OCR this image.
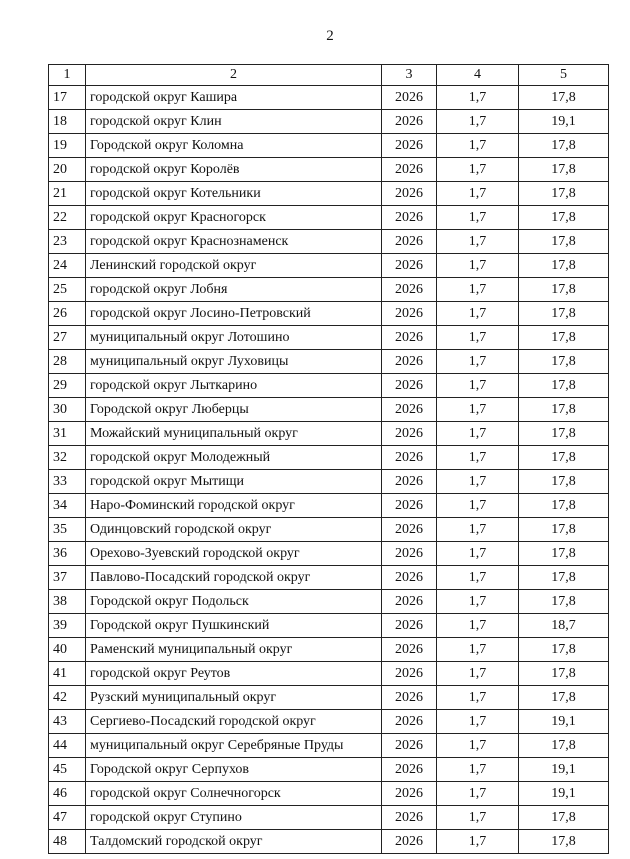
2
1	2	3	4	5
17	городской округ Кашира	2026	1,7	17,8
18	городской округ Клин	2026	1,7	19,1
19	Городской округ Коломна	2026	1,7	17,8
20	городской округ Королёв	2026	1,7	17,8
21	городской округ Котельники	2026	1,7	17,8
22	городской округ Красногорск	2026	1,7	17,8
23	городской округ Краснознаменск	2026	1,7	17,8
24	Ленинский городской округ	2026	1,7	17,8
25	городской округ Лобня	2026	1,7	17,8
26	городской округ Лосино-Петровский	2026	1,7	17,8
27	муниципальный округ Лотошино	2026	1,7	17,8
28	муниципальный округ Луховицы	2026	1,7	17,8
29	городской округ Лыткарино	2026	1,7	17,8
30	Городской округ Люберцы	2026	1,7	17,8
31	Можайский муниципальный округ	2026	1,7	17,8
32	городской округ Молодежный	2026	1,7	17,8
33	городской округ Мытищи	2026	1,7	17,8
34	Наро-Фоминский городской округ	2026	1,7	17,8
35	Одинцовский городской округ	2026	1,7	17,8
36	Орехово-Зуевский городской округ	2026	1,7	17,8
37	Павлово-Посадский городской округ	2026	1,7	17,8
38	Городской округ Подольск	2026	1,7	17,8
39	Городской округ Пушкинский	2026	1,7	18,7
40	Раменский муниципальный округ	2026	1,7	17,8
41	городской округ Реутов	2026	1,7	17,8
42	Рузский муниципальный округ	2026	1,7	17,8
43	Сергиево-Посадский городской округ	2026	1,7	19,1
44	муниципальный округ Серебряные Пруды	2026	1,7	17,8
45	Городской округ Серпухов	2026	1,7	19,1
46	городской округ Солнечногорск	2026	1,7	19,1
47	городской округ Ступино	2026	1,7	17,8
48	Талдомский городской округ	2026	1,7	17,8
